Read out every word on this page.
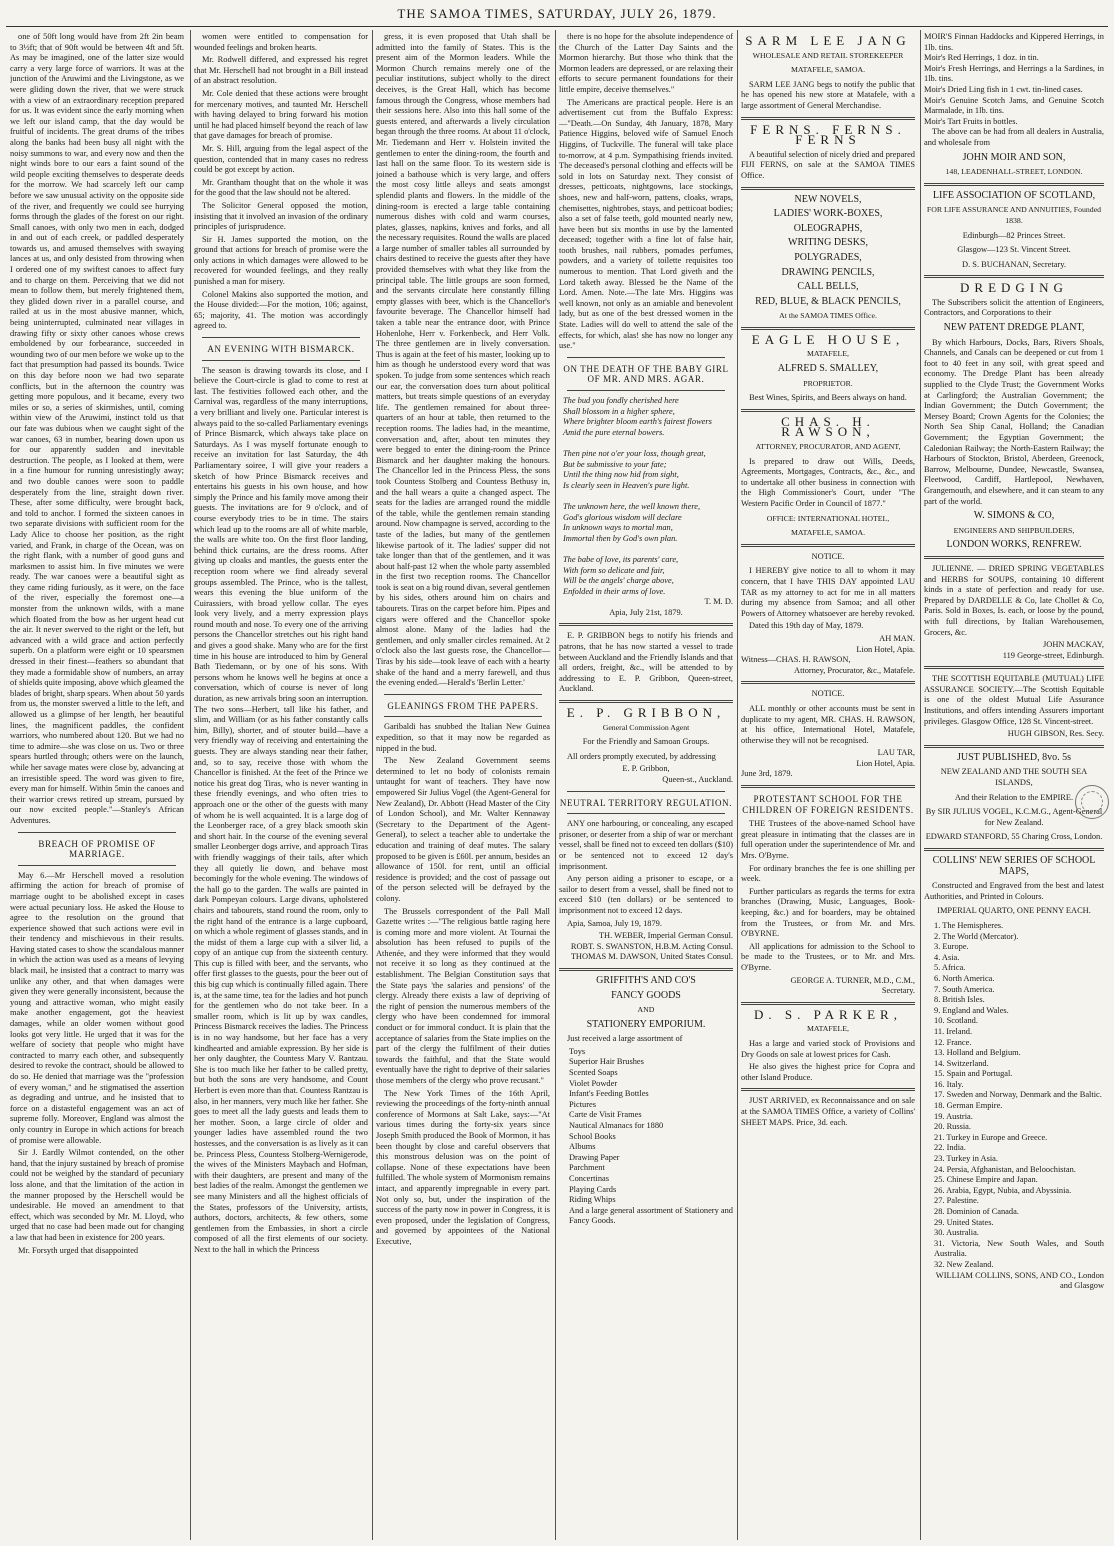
THE SAMOA TIMES, SATURDAY, JULY 26, 1879.

one of 50ft long would have from 2ft 2in beam to 3½ft; that of 90ft would be between 4ft and 5ft. As may be imagined, one of the latter size would carry a very large force of warriors. It was at the junction of the Aruwimi and the Livingstone, as we were gliding down the river, that we were struck with a view of an extraordinary reception prepared for us. It was evident since the early morning when we left our island camp, that the day would be fruitful of incidents. The great drums of the tribes along the banks had been busy all night with the noisy summons to war, and every now and then the night winds bore to our ears a faint sound of the wild people exciting themselves to desperate deeds for the morrow. We had scarcely left our camp before we saw unusual activity on the opposite side of the river, and frequently we could see hurrying forms through the glades of the forest on our right. Small canoes, with only two men in each, dodged in and out of each creek, or paddled desperately towards us, and amused themselves with swaying lances at us, and only desisted from throwing when I ordered one of my swiftest canoes to affect fury and to charge on them. Perceiving that we did not mean to follow them, but merely frightened them, they glided down river in a parallel course, and railed at us in the most abusive manner, which, being uninterrupted, culminated near villages in drawing fifty or sixty other canoes whose crews emboldened by our forbearance, succeeded in wounding two of our men before we woke up to the fact that presumption had passed its bounds. Twice on this day before noon we had two separate conflicts, but in the afternoon the country was getting more populous, and it became, every two miles or so, a series of skirmishes, until, coming within view of the Aruwimi, instinct told us that our fate was dubious when we caught sight of the war canoes, 63 in number, bearing down upon us for our apparently sudden and inevitable destruction. The people, as I looked at them, were in a fine humour for running unresistingly away; and two double canoes were soon to paddle desperately from the line, straight down river. These, after some difficulty, were brought back, and told to anchor. I formed the sixteen canoes in two separate divisions with sufficient room for the Lady Alice to choose her position, as the right varied, and Frank, in charge of the Ocean, was on the right flank, with a number of good guns and marksmen to assist him. In five minutes we were ready. The war canoes were a beautiful sight as they came riding furiously, as it were, on the face of the river, especially the foremost one—a monster from the unknown wilds, with a mane which floated from the bow as her urgent head cut the air. It never swerved to the right or the left, but advanced with a wild grace and action perfectly superb. On a platform were eight or 10 spearsmen dressed in their finest—feathers so abundant that they made a formidable show of numbers, an array of shields quite imposing, above which gleamed the blades of bright, sharp spears. When about 50 yards from us, the monster swerved a little to the left, and allowed us a glimpse of her length, her beautiful lines, the magnificent paddles, the confident warriors, who numbered about 120. But we had no time to admire—she was close on us. Two or three spears hurtled through; others were on the launch, while her savage mates were close by, advancing at an irresistible speed. The word was given to fire, every man for himself. Within 5min the canoes and their warrior crews retired up stream, pursued by our now excited people."—Stanley's African Adventures.

BREACH OF PROMISE OF MARRIAGE.

May 6.—Mr Herschell moved a resolution affirming the action for breach of promise of marriage ought to be abolished except in cases were actual pecuniary loss. He asked the House to agree to the resolution on the ground that experience showed that such actions were evil in their tendency and mischievous in their results. Having stated cases to show the scandalous manner in which the action was used as a means of levying black mail, he insisted that a contract to marry was unlike any other, and that when damages were given they were generally inconsistent, because the young and attractive woman, who might easily make another engagement, got the heaviest damages, while an older women without good looks got very little. He urged that it was for the welfare of society that people who might have contracted to marry each other, and subsequently desired to revoke the contract, should be allowed to do so. He denied that marriage was the "profession of every woman," and he stigmatised the assertion as degrading and untrue, and he insisted that to force on a distasteful engagement was an act of supreme folly. Moreover, England was almost the only country in Europe in which actions for breach of promise were allowable.

Sir J. Eardly Wilmot contended, on the other hand, that the injury sustained by breach of promise could not be weighed by the standard of pecuniary loss alone, and that the limitation of the action in the manner proposed by the Herschell would be undesirable. He moved an amendment to that effect, which was seconded by Mr. M. Lloyd, who urged that no case had been made out for changing a law that had been in existence for 200 years.

Mr. Forsyth urged that disappointed

women were entitled to compensation for wounded feelings and broken hearts.

Mr. Rodwell differed, and expressed his regret that Mr. Herschell had not brought in a Bill instead of an abstract resolution.

Mr. Cole denied that these actions were brought for mercenary motives, and taunted Mr. Herschell with having delayed to bring forward his motion until he had placed himself beyond the reach of law that gave damages for breach of promise.

Mr. S. Hill, arguing from the legal aspect of the question, contended that in many cases no redress could be got except by action.

Mr. Grantham thought that on the whole it was for the good that the law should not be altered.

The Solicitor General opposed the motion, insisting that it involved an invasion of the ordinary principles of jurisprudence.

Sir H. James supported the motion, on the ground that actions for breach of promise were the only actions in which damages were allowed to be recovered for wounded feelings, and they really punished a man for misery.

Colonel Makins also supported the motion, and the House divided:—For the motion, 106; against, 65; majority, 41. The motion was accordingly agreed to.

AN EVENING WITH BISMARCK.

The season is drawing towards its close, and I believe the Court-circle is glad to come to rest at last. The festivities followed each other, and the Carnival was, regardless of the many interruptions, a very brilliant and lively one. Particular interest is always paid to the so-called Parliamentary evenings of Prince Bismarck, which always take place on Saturdays. As I was myself fortunate enough to receive an invitation for last Saturday, the 4th Parliamentary soiree, I will give your readers a sketch of how Prince Bismarck receives and entertains his guests in his own house, and how simply the Prince and his family move among their guests. The invitations are for 9 o'clock, and of course everybody tries to be in time. The stairs which lead up to the rooms are all of white marble, the walls are white too. On the first floor landing, behind thick curtains, are the dress rooms. After giving up cloaks and mantles, the guests enter the reception room where we find already several groups assembled. The Prince, who is the tallest, wears this evening the blue uniform of the Cuirassiers, with broad yellow collar. The eyes look very lively, and a merry expression plays round mouth and nose. To every one of the arriving persons the Chancellor stretches out his right hand and gives a good shake. Many who are for the first time in his house are introduced to him by General Bath Tiedemann, or by one of his sons. With persons whom he knows well he begins at once a conversation, which of course is never of long duration, as new arrivals bring soon an interruption. The two sons—Herbert, tall like his father, and slim, and William (or as his father constantly calls him, Billy), shorter, and of stouter build—have a very friendly way of receiving and entertaining the guests. They are always standing near their father, and, so to say, receive those with whom the Chancellor is finished. At the feet of the Prince we notice his great dog Tiras, who is never wanting in these friendly evenings, and who often tries to approach one or the other of the guests with many of whom he is well acquainted. It is a large dog of the Leonberger race, of a grey black smooth skin and short hair. In the course of the evening several smaller Leonberger dogs arrive, and approach Tiras with friendly waggings of their tails, after which they all quietly lie down, and behave most becomingly for the whole evening. The windows of the hall go to the garden. The walls are painted in dark Pompeyan colours. Large divans, upholstered chairs and tabourets, stand round the room, only to the right hand of the entrance is a large cupboard, on which a whole regiment of glasses stands, and in the midst of them a large cup with a silver lid, a copy of an antique cup from the sixteenth century. This cup is filled with beer, and the servants, who offer first glasses to the guests, pour the beer out of this big cup which is continually filled again. There is, at the same time, tea for the ladies and hot punch for the gentlemen who do not take beer. In a smaller room, which is lit up by wax candles, Princess Bismarck receives the ladies. The Princess is in no way handsome, but her face has a very kindhearted and amiable expression. By her side is her only daughter, the Countess Mary V. Rantzau. She is too much like her father to be called pretty, but both the sons are very handsome, and Count Herbert is even more than that. Countess Rantzau is also, in her manners, very much like her father. She goes to meet all the lady guests and leads them to her mother. Soon, a large circle of older and younger ladies have assembled round the two hostesses, and the conversation is as lively as it can be. Princess Pless, Countess Stolberg-Wernigerode, the wives of the Ministers Maybach and Hofman, with their daughters, are present and many of the best ladies of the realm. Amongst the gentlemen we see many Ministers and all the highest officials of the States, professors of the University, artists, authors, doctors, architects, & few others, some gentlemen from the Embassies, in short a circle composed of all the first elements of our society. Next to the hall in which the Princess

gress, it is even proposed that Utah shall be admitted into the family of States. This is the present aim of the Mormon leaders. While the Mormon Church remains merely one of the peculiar institutions, subject wholly to the direct deceives, is the Great Hall, which has become famous through the Congress, whose members had their sessions here. Also into this hall some of the guests entered, and afterwards a lively circulation began through the three rooms. At about 11 o'clock, Mr. Tiedemann and Herr v. Holstein invited the gentlemen to enter the dining-room, the fourth and last hall on the same floor. To its western side is joined a bathouse which is very large, and offers the most cosy little alleys and seats amongst splendid plants and flowers. In the middle of the dining-room is erected a large table containing numerous dishes with cold and warm courses, plates, glasses, napkins, knives and forks, and all the necessary requisites. Round the walls are placed a large number of smaller tables all surrounded by chairs destined to receive the guests after they have provided themselves with what they like from the principal table. The little groups are soon formed, and the servants circulate here constantly filling empty glasses with beer, which is the Chancellor's favourite beverage. The Chancellor himself had taken a table near the entrance door, with Prince Hohenlohe, Herr v. Forkenbeck, and Herr Volk. The three gentlemen are in lively conversation. Thus is again at the feet of his master, looking up to him as though he understood every word that was spoken. To judge from some sentences which reach our ear, the conversation does turn about political matters, but treats simple questions of an everyday life. The gentlemen remained for about three-quarters of an hour at table, then returned to the reception rooms. The ladies had, in the meantime, conversation and, after, about ten minutes they were begged to enter the dining-room the Prince Bismarck and her daughter making the honours. The Chancellor led in the Princess Pless, the sons took Countess Stolberg and Countess Bethusy in, and the hall wears a quite a changed aspect. The seats for the ladies are arranged round the middle of the table, while the gentlemen remain standing around. Now champagne is served, according to the taste of the ladies, but many of the gentlemen likewise partook of it. The ladies' supper did not take longer than that of the gentlemen, and it was about half-past 12 when the whole party assembled in the first two reception rooms. The Chancellor took is seat on a big round divan, several gentlemen by his sides, others around him on chairs and tabourets. Tiras on the carpet before him. Pipes and cigars were offered and the Chancellor spoke almost alone. Many of the ladies had the gentlemen, and only smaller circles remained. At 2 o'clock also the last guests rose, the Chancellor—Tiras by his side—took leave of each with a hearty shake of the hand and a merry farewell, and thus the evening ended.—Herald's 'Berlin Letter.'

GLEANINGS FROM THE PAPERS.

Garibaldi has snubbed the Italian New Guinea expedition, so that it may now be regarded as nipped in the bud.

The New Zealand Government seems determined to let no body of colonists remain untaught for want of teachers. They have now empowered Sir Julius Vogel (the Agent-General for New Zealand), Dr. Abbott (Head Master of the City of London School), and Mr. Walter Kennaway (Secretary to the Department of the Agent-General), to select a teacher able to undertake the education and training of deaf mutes. The salary proposed to be given is £60l. per annum, besides an allowance of 150l. for rent, until an official residence is provided; and the cost of passage out of the person selected will be defrayed by the colony.

The Brussels correspondent of the Pall Mall Gazette writes :—"The religious battle raging here is coming more and more violent. At Tournai the absolution has been refused to pupils of the Athenée, and they were informed that they would not receive it so long as they continued at the establishment. The Belgian Constitution says that the State pays 'the salaries and pensions' of the clergy. Already there exists a law of depriving of the right of pension the numerous members of the clergy who have been condemned for immoral conduct or for immoral conduct. It is plain that the acceptance of salaries from the State implies on the part of the clergy the fulfilment of their duties towards the faithful, and that the State would eventually have the right to deprive of their salaries those members of the clergy who prove recusant."

The New York Times of the 16th April, reviewing the proceedings of the forty-ninth annual conference of Mormons at Salt Lake, says:—"At various times during the forty-six years since Joseph Smith produced the Book of Mormon, it has been thought by close and careful observers that this monstrous delusion was on the point of collapse. None of these expectations have been fulfilled. The whole system of Mormonism remains intact, and apparently impregnable in every part. Not only so, but, under the inspiration of the success of the party now in power in Congress, it is even proposed, under the legislation of Congress, and governed by appointees of the National Executive,

there is no hope for the absolute independence of the Church of the Latter Day Saints and the Mormon hierarchy. But those who think that the Mormon leaders are depressed, or are relaxing their efforts to secure permanent foundations for their little empire, deceive themselves."

The Americans are practical people. Here is an advertisement cut from the Buffalo Express:—"Death.—On Sunday, 4th January, 1878, Mary Patience Higgins, beloved wife of Samuel Enoch Higgins, of Tuckville. The funeral will take place to-morrow, at 4 p.m. Sympathising friends invited. The deceased's personal clothing and effects will be sold in lots on Saturday next. They consist of dresses, petticoats, nightgowns, lace stockings, shoes, new and half-worn, pattens, cloaks, wraps, chemisettes, nightrobes, stays, and petticoat bodies; also a set of false teeth, gold mounted nearly new, have been but six months in use by the lamented deceased; together with a fine lot of false hair, tooth brushes, nail rubbers, pomades perfumes, powders, and a variety of toilette requisites too numerous to mention. That Lord giveth and the Lord taketh away. Blessed be the Name of the Lord. Amen. Note.—The late Mrs. Higgins was well known, not only as an amiable and benevolent lady, but as one of the best dressed women in the State. Ladies will do well to attend the sale of the effects, for which, alas! she has now no longer any use."

ON THE DEATH OF THE BABY GIRL OF MR. AND MRS. AGAR.
The bud you fondly cherished here
Shall blossom in a higher sphere,
Where brighter bloom earth's fairest flowers
Amid the pure eternal bowers.

Then pine not o'er your loss, though great,
But be submissive to your fate;
Until the thing now hid from sight,
Is clearly seen in Heaven's pure light.

The unknown here, the well known there,
God's glorious wisdom will declare
In unknown ways to mortal man,
Immortal then by God's own plan.

The babe of love, its parents' care,
With form so delicate and fair,
Will be the angels' charge above,
Enfolded in their arms of love.
T. M. D.
Apia, July 21st, 1879.

E. P. GRIBBON begs to notify his friends and patrons, that he has now started a vessel to trade between Auckland and the Friendly Islands and that all orders, freight, &c., will be attended to by addressing to E. P. Gribbon, Queen-street, Auckland.

E. P. GRIBBON,
General Commission Agent
For the Friendly and Samoan Groups.

All orders promptly executed, by addressing

E. P. Gribbon,
Queen-st., Auckland.
NEUTRAL TERRITORY REGULATION.

ANY one harbouring, or concealing, any escaped prisoner, or deserter from a ship of war or merchant vessel, shall be fined not to exceed ten dollars ($10) or be sentenced not to exceed 12 day's imprisonment.

Any person aiding a prisoner to escape, or a sailor to desert from a vessel, shall be fined not to exceed $10 (ten dollars) or be sentenced to imprisonment not to exceed 12 days.

Apia, Samoa, July 19, 1879.

TH. WEBER, Imperial German Consul.
ROBT. S. SWANSTON, H.B.M. Acting Consul.
THOMAS M. DAWSON, United States Consul.
GRIFFITH'S AND CO'S
FANCY GOODS
AND
STATIONERY EMPORIUM.

Just received a large assortment of

Toys
Superior Hair Brushes
Scented Soaps
Violet Powder
Infant's Feeding Bottles
Pictures
Carte de Visit Frames
Nautical Almanacs for 1880
School Books
Albums
Drawing Paper
Parchment
Concertinas
Playing Cards
Riding Whips
And a large general assortment of Stationery and Fancy Goods.
SARM LEE JANG
WHOLESALE AND RETAIL STOREKEEPER
MATAFELE, SAMOA.

SARM LEE JANG begs to notify the public that he has opened his new store at Matafele, with a large assortment of General Merchandise.

FERNS. FERNS. FERNS

A beautiful selection of nicely dried and prepared FIJI FERNS, on sale at the SAMOA TIMES Office.

NEW NOVELS,
LADIES' WORK-BOXES,
OLEOGRAPHS,
WRITING DESKS,
POLYGRADES,
DRAWING PENCILS,
CALL BELLS,
RED, BLUE, & BLACK PENCILS,
At the SAMOA TIMES Office.
EAGLE HOUSE,
MATAFELE,
ALFRED S. SMALLEY,
PROPRIETOR.
Best Wines, Spirits, and Beers always on hand.
CHAS. H. RAWSON,
ATTORNEY, PROCURATOR, AND AGENT,

Is prepared to draw out Wills, Deeds, Agreements, Mortgages, Contracts, &c., &c., and to undertake all other business in connection with the High Commissioner's Court, under "The Western Pacific Order in Council of 1877."

OFFICE: INTERNATIONAL HOTEL,
MATAFELE, SAMOA.
NOTICE.

I HEREBY give notice to all to whom it may concern, that I have THIS DAY appointed LAU TAR as my attorney to act for me in all matters during my absence from Samoa; and all other Powers of Attorney whatsoever are hereby revoked.

Dated this 19th day of May, 1879.

AH MAN.
Lion Hotel, Apia.
Witness—CHAS. H. RAWSON,
Attorney, Procurator, &c., Matafele.
NOTICE.

ALL monthly or other accounts must be sent in duplicate to my agent, MR. CHAS. H. RAWSON, at his office, International Hotel, Matafele, otherwise they will not be recognised.

LAU TAR,
Lion Hotel, Apia.
June 3rd, 1879.
PROTESTANT SCHOOL FOR THE CHILDREN OF FOREIGN RESIDENTS.

THE Trustees of the above-named School have great pleasure in intimating that the classes are in full operation under the superintendence of Mr. and Mrs. O'Byrne.

For ordinary branches the fee is one shilling per week.

Further particulars as regards the terms for extra branches (Drawing, Music, Languages, Book-keeping, &c.) and for boarders, may be obtained from the Trustees, or from Mr. and Mrs. O'BYRNE.

All applications for admission to the School to be made to the Trustees, or to Mr. and Mrs. O'Byrne.

GEORGE A. TURNER, M.D., C.M.,
Secretary.
D. S. PARKER,
MATAFELE,

Has a large and varied stock of Provisions and Dry Goods on sale at lowest prices for Cash.

He also gives the highest price for Copra and other Island Produce.

JUST ARRIVED, ex Reconnaissance and on sale at the SAMOA TIMES Office, a variety of Collins' SHEET MAPS. Price, 3d. each.

MOIR'S Finnan Haddocks and Kippered Herrings, in 1lb. tins.
Moir's Red Herrings, 1 doz. in tin.
Moir's Fresh Herrings, and Herrings a la Sardines, in 1lb. tins.
Moir's Dried Ling fish in 1 cwt. tin-lined cases.
Moir's Genuine Scotch Jams, and Genuine Scotch Marmalade, in 1lb. tins.
Moir's Tart Fruits in bottles.

The above can be had from all dealers in Australia, and wholesale from

JOHN MOIR AND SON,
148, LEADENHALL-STREET, LONDON.
LIFE ASSOCIATION OF SCOTLAND,
FOR LIFE ASSURANCE AND ANNUITIES, Founded 1838.
Edinburgh—82 Princes Street.
Glasgow—123 St. Vincent Street.
D. S. BUCHANAN, Secretary.
DREDGING

The Subscribers solicit the attention of Engineers, Contractors, and Corporations to their

NEW PATENT DREDGE PLANT,

By which Harbours, Docks, Bars, Rivers Shoals, Channels, and Canals can be deepened or cut from 1 foot to 40 feet in any soil, with great speed and economy. The Dredge Plant has been already supplied to the Clyde Trust; the Government Works at Carlingford; the Australian Government; the Indian Government; the Dutch Government; the Mersey Board; Crown Agents for the Colonies; the North Sea Ship Canal, Holland; the Canadian Government; the Egyptian Government; the Caledonian Railway; the North-Eastern Railway; the Harbours of Stockton, Bristol, Aberdeen, Greenock, Barrow, Melbourne, Dundee, Newcastle, Swansea, Fleetwood, Cardiff, Hartlepool, Newhaven, Grangemouth, and elsewhere, and it can steam to any part of the world.

W. SIMONS & CO,
ENGINEERS AND SHIPBUILDERS,
LONDON WORKS, RENFREW.

JULIENNE. — DRIED SPRING VEGETABLES and HERBS for SOUPS, containing 10 different kinds in a state of perfection and ready for use. Prepared by DARDELLE & Co, late Chollet & Co, Paris. Sold in Boxes, Is. each, or loose by the pound, with full directions, by Italian Warehousemen, Grocers, &c.

JOHN MACKAY,
119 George-street, Edinburgh.

THE SCOTTISH EQUITABLE (MUTUAL) LIFE ASSURANCE SOCIETY.—The Scottish Equitable is one of the oldest Mutual Life Assurance Institutions, and offers intending Assurers important privileges. Glasgow Office, 128 St. Vincent-street.

HUGH GIBSON, Res. Secy.
JUST PUBLISHED, 8vo. 5s
NEW ZEALAND AND THE SOUTH SEA ISLANDS,
And their Relation to the EMPIRE.
By SIR JULIUS VOGEL, K.C.M.G., Agent-General for New Zealand.
EDWARD STANFORD, 55 Charing Cross, London.
COLLINS' NEW SERIES OF SCHOOL MAPS,

Constructed and Engraved from the best and latest Authorities, and Printed in Colours.

IMPERIAL QUARTO, ONE PENNY EACH.
1. The Hemispheres.
2. The World (Mercator).
3. Europe.
4. Asia.
5. Africa.
6. North America.
7. South America.
8. British Isles.
9. England and Wales.
10. Scotland.
11. Ireland.
12. France.
13. Holland and Belgium.
14. Switzerland.
15. Spain and Portugal.
16. Italy.
17. Sweden and Norway, Denmark and the Baltic.
18. German Empire.
19. Austria.
20. Russia.
21. Turkey in Europe and Greece.
22. India.
23. Turkey in Asia.
24. Persia, Afghanistan, and Beloochistan.
25. Chinese Empire and Japan.
26. Arabia, Egypt, Nubia, and Abyssinia.
27. Palestine.
28. Dominion of Canada.
29. United States.
30. Australia.
31. Victoria, New South Wales, and South Australia.
32. New Zealand.
WILLIAM COLLINS, SONS, AND CO., London and Glasgow
